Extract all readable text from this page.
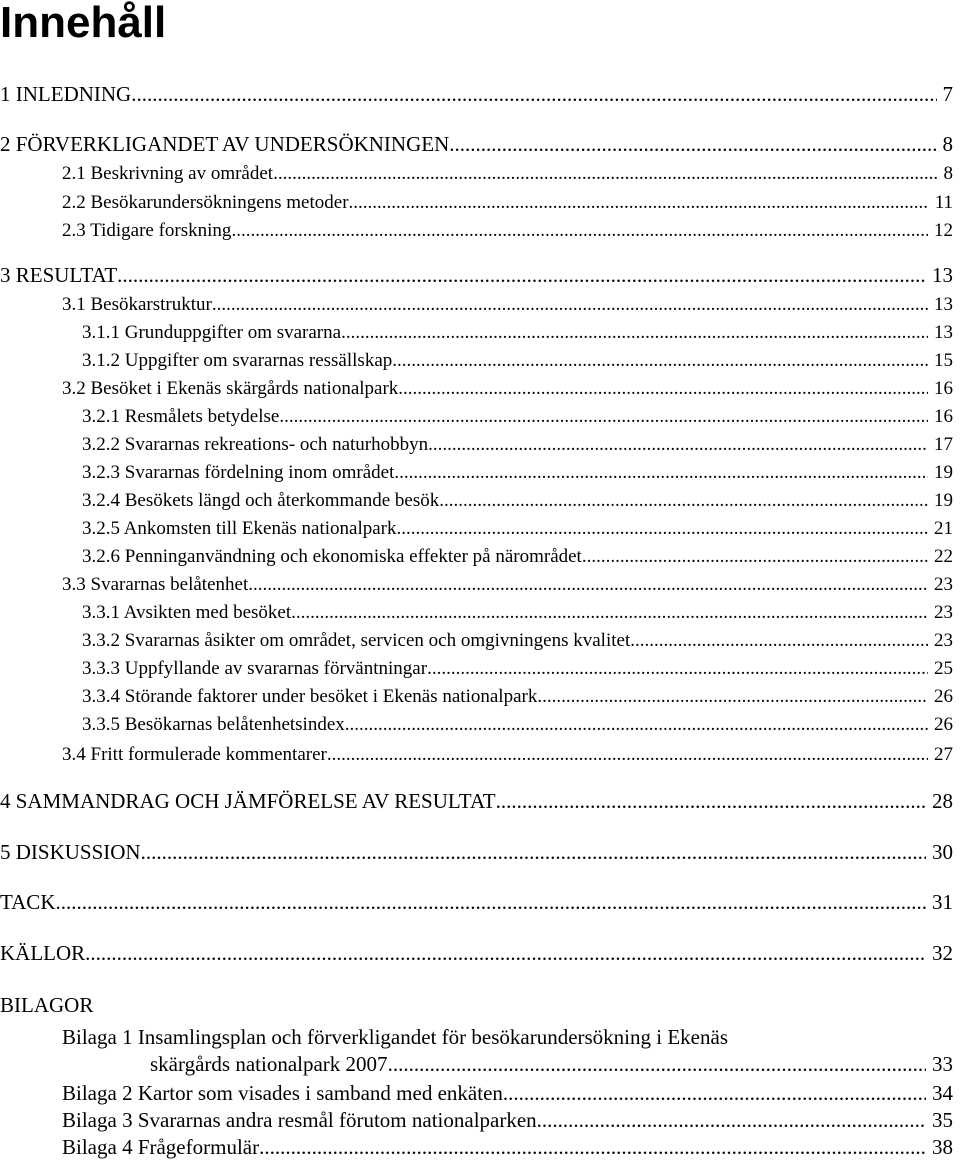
Innehåll
1 INLEDNING .....	7
2 FÖRVERKLIGANDET AV UNDERSÖKNINGEN .....	8
2.1 Beskrivning av området .....	8
2.2 Besökarundersökningens metoder .....	11
2.3 Tidigare forskning .....	12
3 RESULTAT .....	13
3.1 Besökarstruktur .....	13
3.1.1 Grunduppgifter om svararna .....	13
3.1.2 Uppgifter om svararnas ressällskap .....	15
3.2 Besöket i Ekenäs skärgårds nationalpark .....	16
3.2.1 Resmålets betydelse .....	16
3.2.2 Svararnas rekreations- och naturhobbyn .....	17
3.2.3 Svararnas fördelning inom området .....	19
3.2.4 Besökets längd och återkommande besök .....	19
3.2.5 Ankomsten till Ekenäs nationalpark .....	21
3.2.6 Penninganvändning och ekonomiska effekter på närområdet .....	22
3.3 Svararnas belåtenhet .....	23
3.3.1 Avsikten med besöket .....	23
3.3.2 Svararnas åsikter om området, servicen och omgivningens kvalitet .....	23
3.3.3 Uppfyllande av svararnas förväntningar .....	25
3.3.4 Störande faktorer under besöket i Ekenäs nationalpark .....	26
3.3.5 Besökarnas belåtenhetsindex .....	26
3.4 Fritt formulerade kommentarer .....	27
4 SAMMANDRAG OCH JÄMFÖRELSE AV RESULTAT .....	28
5 DISKUSSION .....	30
TACK .....	31
KÄLLOR .....	32
BILAGOR
Bilaga 1 Insamlingsplan och förverkligandet för besökarundersökning i Ekenäs
skärgårds nationalpark 2007 .....	33
Bilaga 2 Kartor som visades i samband med enkäten .....	34
Bilaga 3 Svararnas andra resmål förutom nationalparken .....	35
Bilaga 4 Frågeformulär .....	38
